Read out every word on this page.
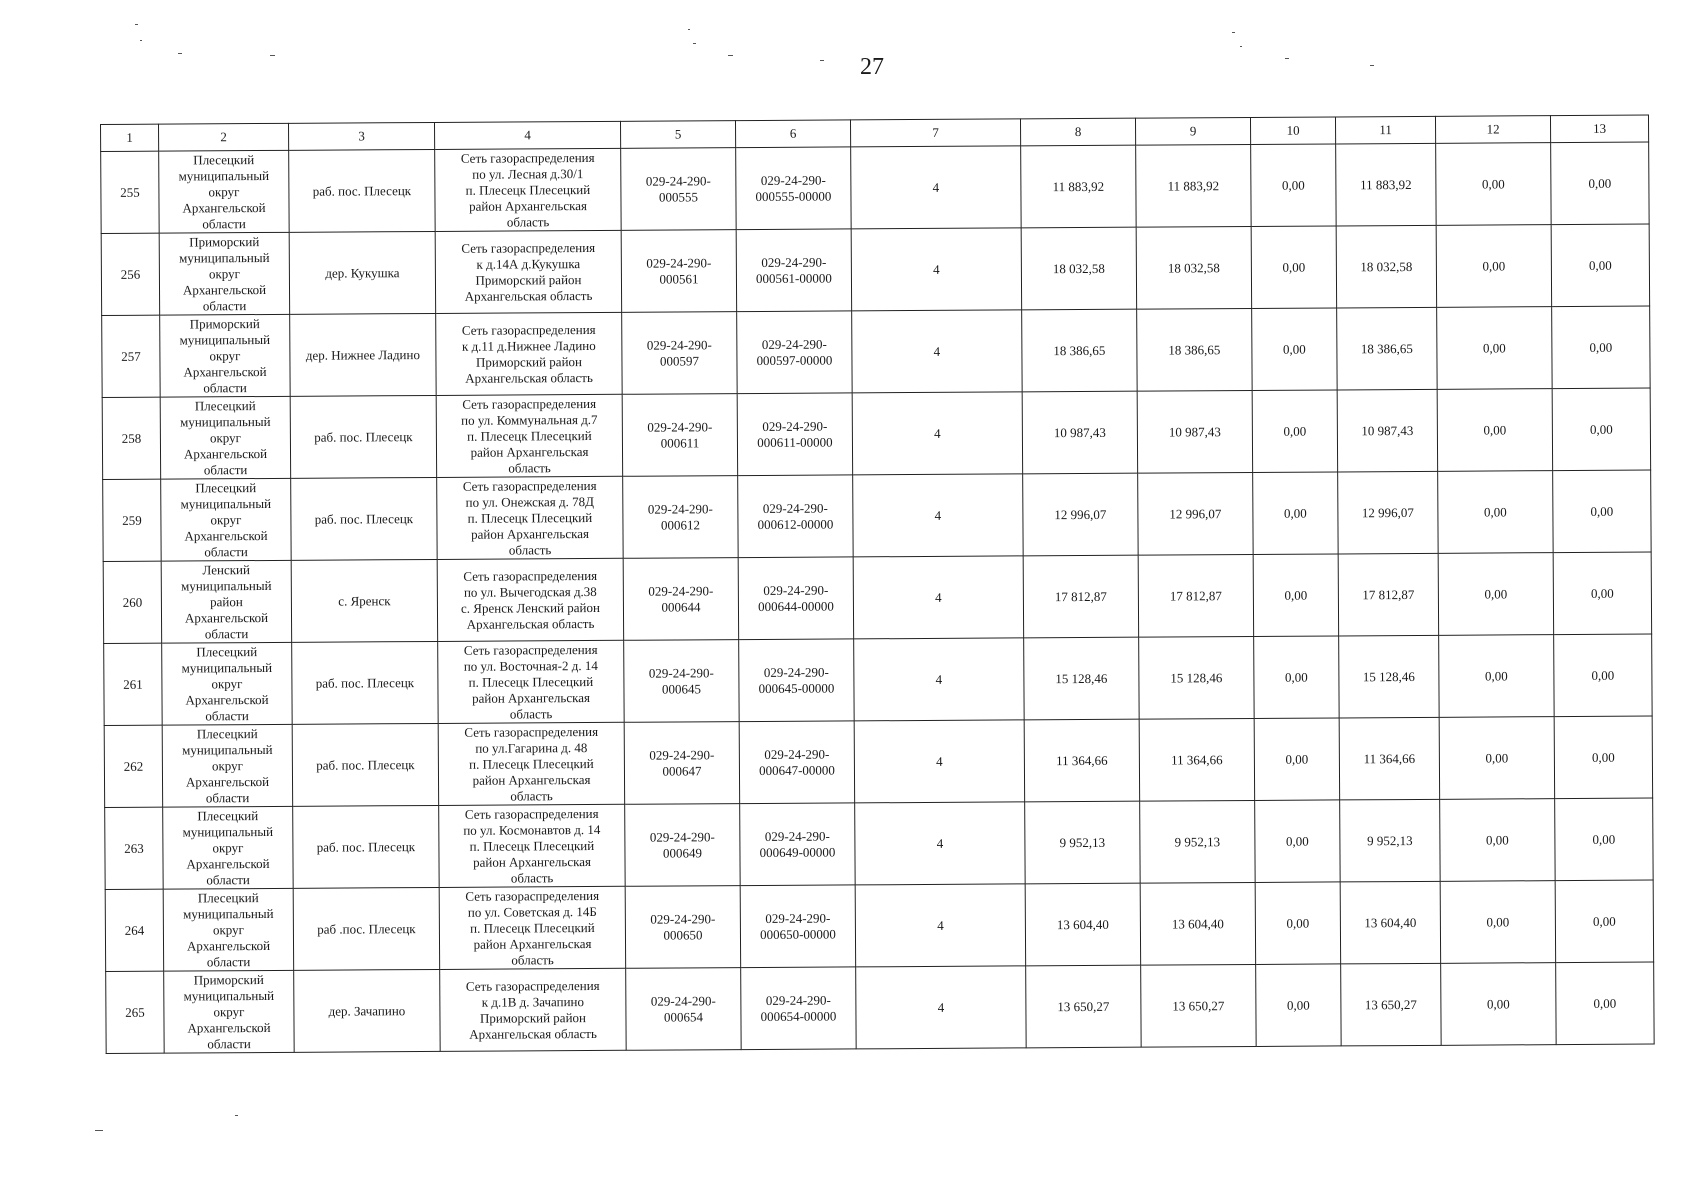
27
1	2	3	4	5	6	7	8	9	10	11	12	13
255	Плесецкий
муниципальный
округ
Архангельской
области	раб. пос. Плесецк	Сеть газораспределения
по ул. Лесная д.30/1
п. Плесецк Плесецкий
район Архангельская
область	029-24-290-
000555	029-24-290-
000555-00000	4	11 883,92	11 883,92	0,00	11 883,92	0,00	0,00
256	Приморский
муниципальный
округ
Архангельской
области	дер. Кукушка	Сеть газораспределения
к д.14А д.Кукушка
Приморский район
Архангельская область	029-24-290-
000561	029-24-290-
000561-00000	4	18 032,58	18 032,58	0,00	18 032,58	0,00	0,00
257	Приморский
муниципальный
округ
Архангельской
области	дер. Нижнее Ладино	Сеть газораспределения
к д.11 д.Нижнее Ладино
Приморский район
Архангельская область	029-24-290-
000597	029-24-290-
000597-00000	4	18 386,65	18 386,65	0,00	18 386,65	0,00	0,00
258	Плесецкий
муниципальный
округ
Архангельской
области	раб. пос. Плесецк	Сеть газораспределения
по ул. Коммунальная д.7
п. Плесецк Плесецкий
район Архангельская
область	029-24-290-
000611	029-24-290-
000611-00000	4	10 987,43	10 987,43	0,00	10 987,43	0,00	0,00
259	Плесецкий
муниципальный
округ
Архангельской
области	раб. пос. Плесецк	Сеть газораспределения
по ул. Онежская д. 78Д
п. Плесецк Плесецкий
район Архангельская
область	029-24-290-
000612	029-24-290-
000612-00000	4	12 996,07	12 996,07	0,00	12 996,07	0,00	0,00
260	Ленский
муниципальный
район
Архангельской
области	с. Яренск	Сеть газораспределения
по ул. Вычегодская д.38
с. Яренск Ленский район
Архангельская область	029-24-290-
000644	029-24-290-
000644-00000	4	17 812,87	17 812,87	0,00	17 812,87	0,00	0,00
261	Плесецкий
муниципальный
округ
Архангельской
области	раб. пос. Плесецк	Сеть газораспределения
по ул. Восточная-2 д. 14
п. Плесецк Плесецкий
район Архангельская
область	029-24-290-
000645	029-24-290-
000645-00000	4	15 128,46	15 128,46	0,00	15 128,46	0,00	0,00
262	Плесецкий
муниципальный
округ
Архангельской
области	раб. пос. Плесецк	Сеть газораспределения
по ул.Гагарина д. 48
п. Плесецк Плесецкий
район Архангельская
область	029-24-290-
000647	029-24-290-
000647-00000	4	11 364,66	11 364,66	0,00	11 364,66	0,00	0,00
263	Плесецкий
муниципальный
округ
Архангельской
области	раб. пос. Плесецк	Сеть газораспределения
по ул. Космонавтов д. 14
п. Плесецк Плесецкий
район Архангельская
область	029-24-290-
000649	029-24-290-
000649-00000	4	9 952,13	9 952,13	0,00	9 952,13	0,00	0,00
264	Плесецкий
муниципальный
округ
Архангельской
области	раб .пос. Плесецк	Сеть газораспределения
по ул. Советская д. 14Б
п. Плесецк Плесецкий
район Архангельская
область	029-24-290-
000650	029-24-290-
000650-00000	4	13 604,40	13 604,40	0,00	13 604,40	0,00	0,00
265	Приморский
муниципальный
округ
Архангельской
области	дер. Зачапино	Сеть газораспределения
к д.1В д. Зачапино
Приморский район
Архангельская область	029-24-290-
000654	029-24-290-
000654-00000	4	13 650,27	13 650,27	0,00	13 650,27	0,00	0,00
